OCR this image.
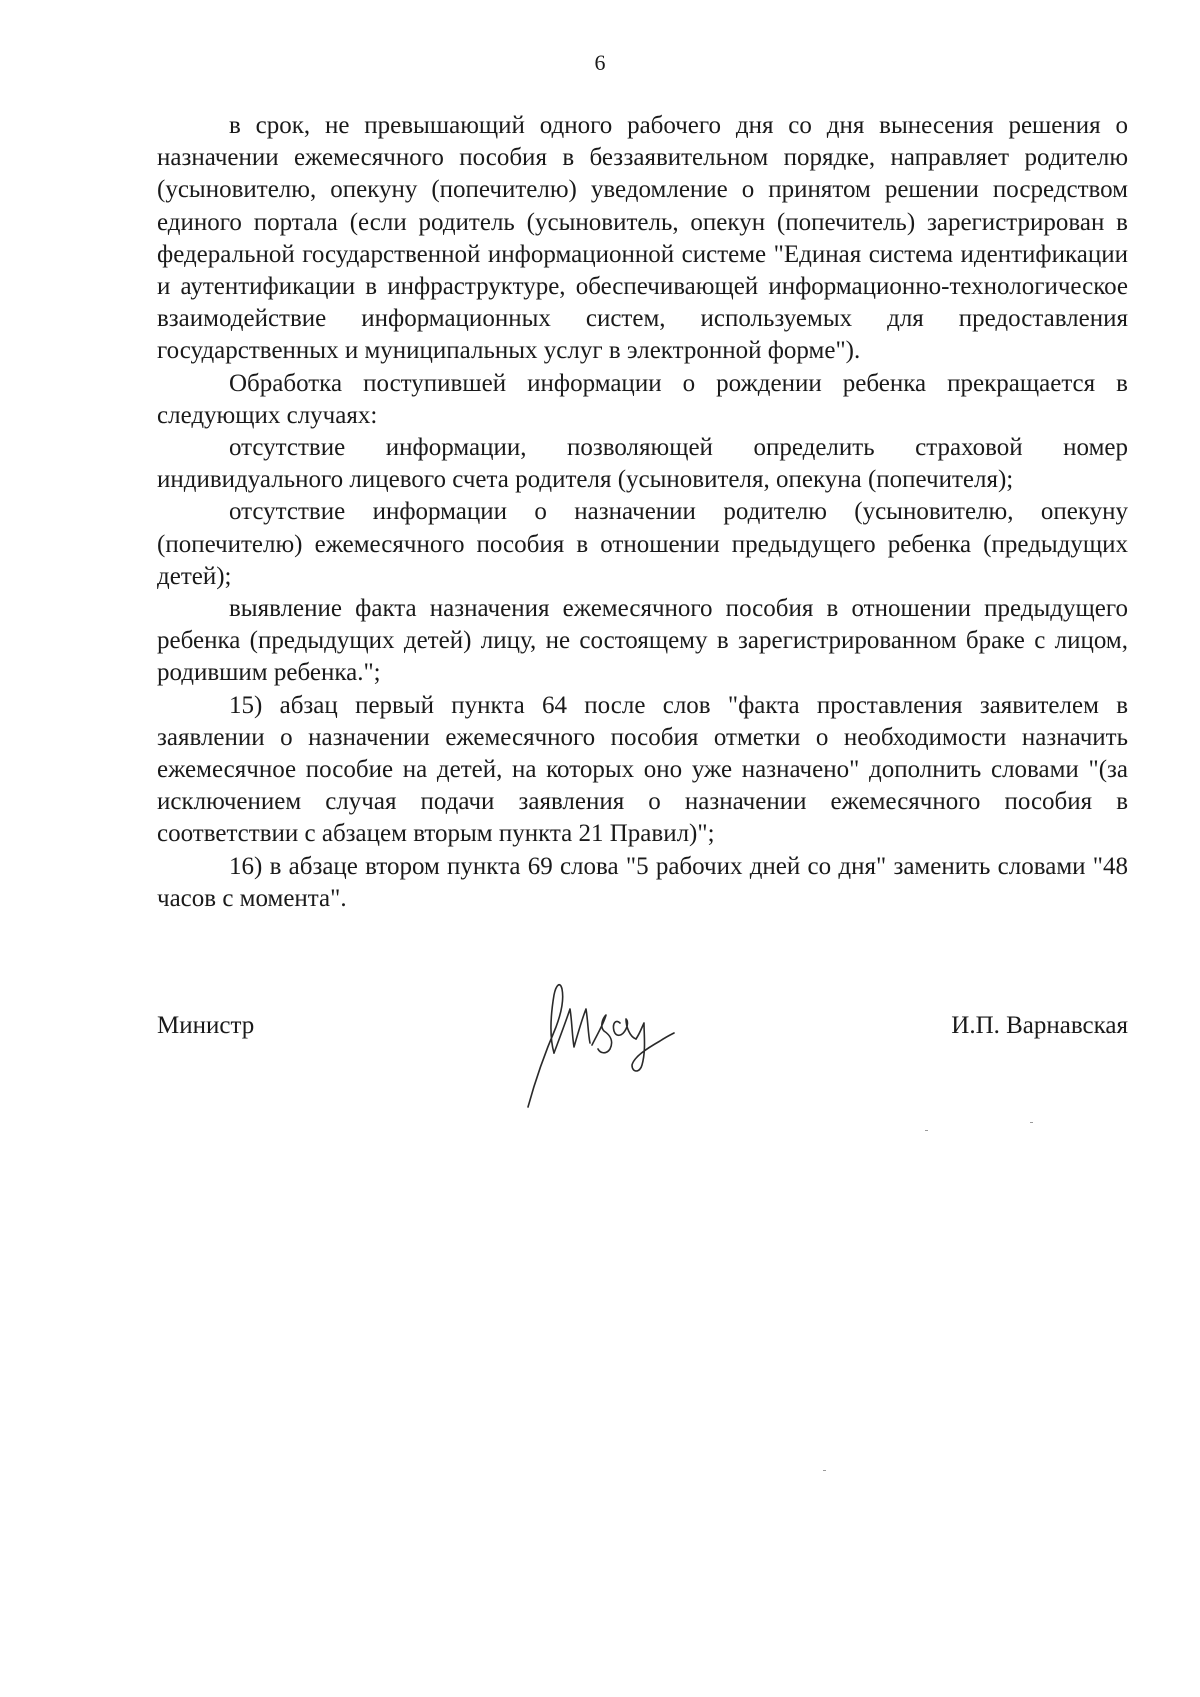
6

в срок, не превышающий одного рабочего дня со дня вынесения решения о назначении ежемесячного пособия в беззаявительном порядке, направляет родителю (усыновителю, опекуну (попечителю) уведомление о принятом решении посредством единого портала (если родитель (усыновитель, опекун (попечитель) зарегистрирован в федеральной государственной информационной системе "Единая система идентификации и аутентификации в инфраструктуре, обеспечивающей информационно-технологическое взаимодействие информационных систем, используемых для предоставления государственных и муниципальных услуг в электронной форме").

Обработка поступившей информации о рождении ребенка прекращается в следующих случаях:

отсутствие информации, позволяющей определить страховой номер индивидуального лицевого счета родителя (усыновителя, опекуна (попечителя);

отсутствие информации о назначении родителю (усыновителю, опекуну (попечителю) ежемесячного пособия в отношении предыдущего ребенка (предыдущих детей);

выявление факта назначения ежемесячного пособия в отношении предыдущего ребенка (предыдущих детей) лицу, не состоящему в зарегистрированном браке с лицом, родившим ребенка.";

15) абзац первый пункта 64 после слов "факта проставления заявителем в заявлении о назначении ежемесячного пособия отметки о необходимости назначить ежемесячное пособие на детей, на которых оно уже назначено" дополнить словами "(за исключением случая подачи заявления о назначении ежемесячного пособия в соответствии с абзацем вторым пункта 21 Правил)";

16) в абзаце втором пункта 69 слова "5 рабочих дней со дня" заменить словами "48 часов с момента".

Министр	И.П. Варнавская
